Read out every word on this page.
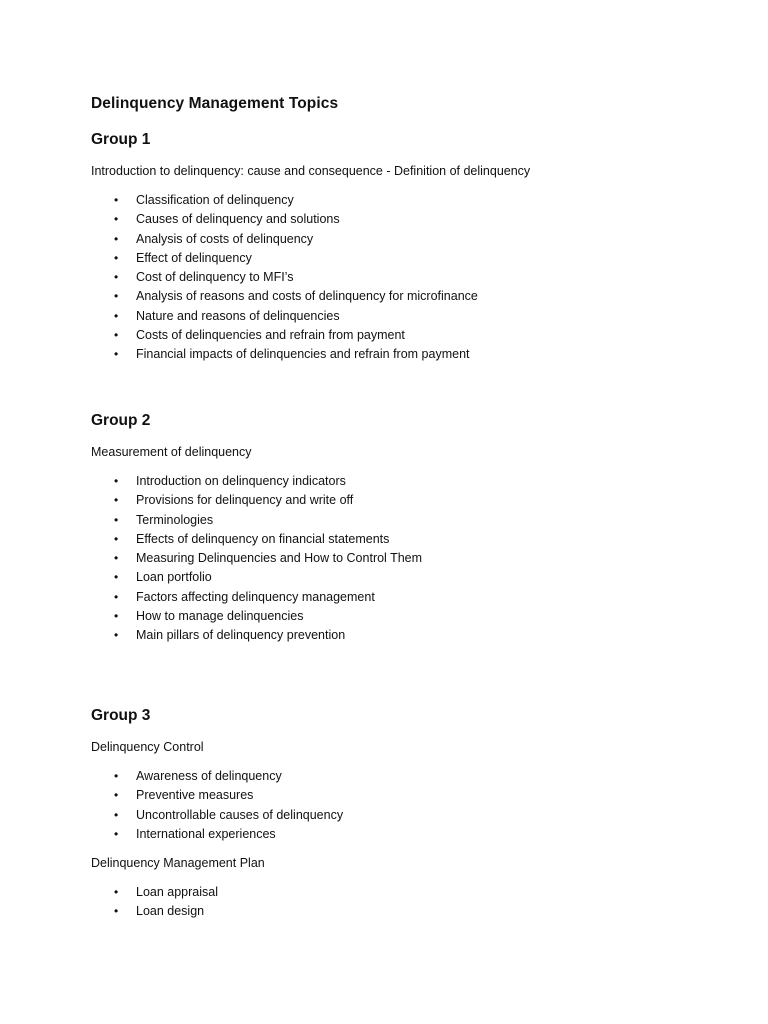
Delinquency Management Topics
Group 1

Introduction to delinquency: cause and consequence - Definition of delinquency

• Classification of delinquency
• Causes of delinquency and solutions
• Analysis of costs of delinquency
• Effect of delinquency
• Cost of delinquency to MFI’s
• Analysis of reasons and costs of delinquency for microfinance
• Nature and reasons of delinquencies
• Costs of delinquencies and refrain from payment
• Financial impacts of delinquencies and refrain from payment
Group 2

Measurement of delinquency

• Introduction on delinquency indicators
• Provisions for delinquency and write off
• Terminologies
• Effects of delinquency on financial statements
• Measuring Delinquencies and How to Control Them
• Loan portfolio
• Factors affecting delinquency management
• How to manage delinquencies
• Main pillars of delinquency prevention
Group 3

Delinquency Control

• Awareness of delinquency
• Preventive measures
• Uncontrollable causes of delinquency
• International experiences

Delinquency Management Plan

• Loan appraisal
• Loan design
